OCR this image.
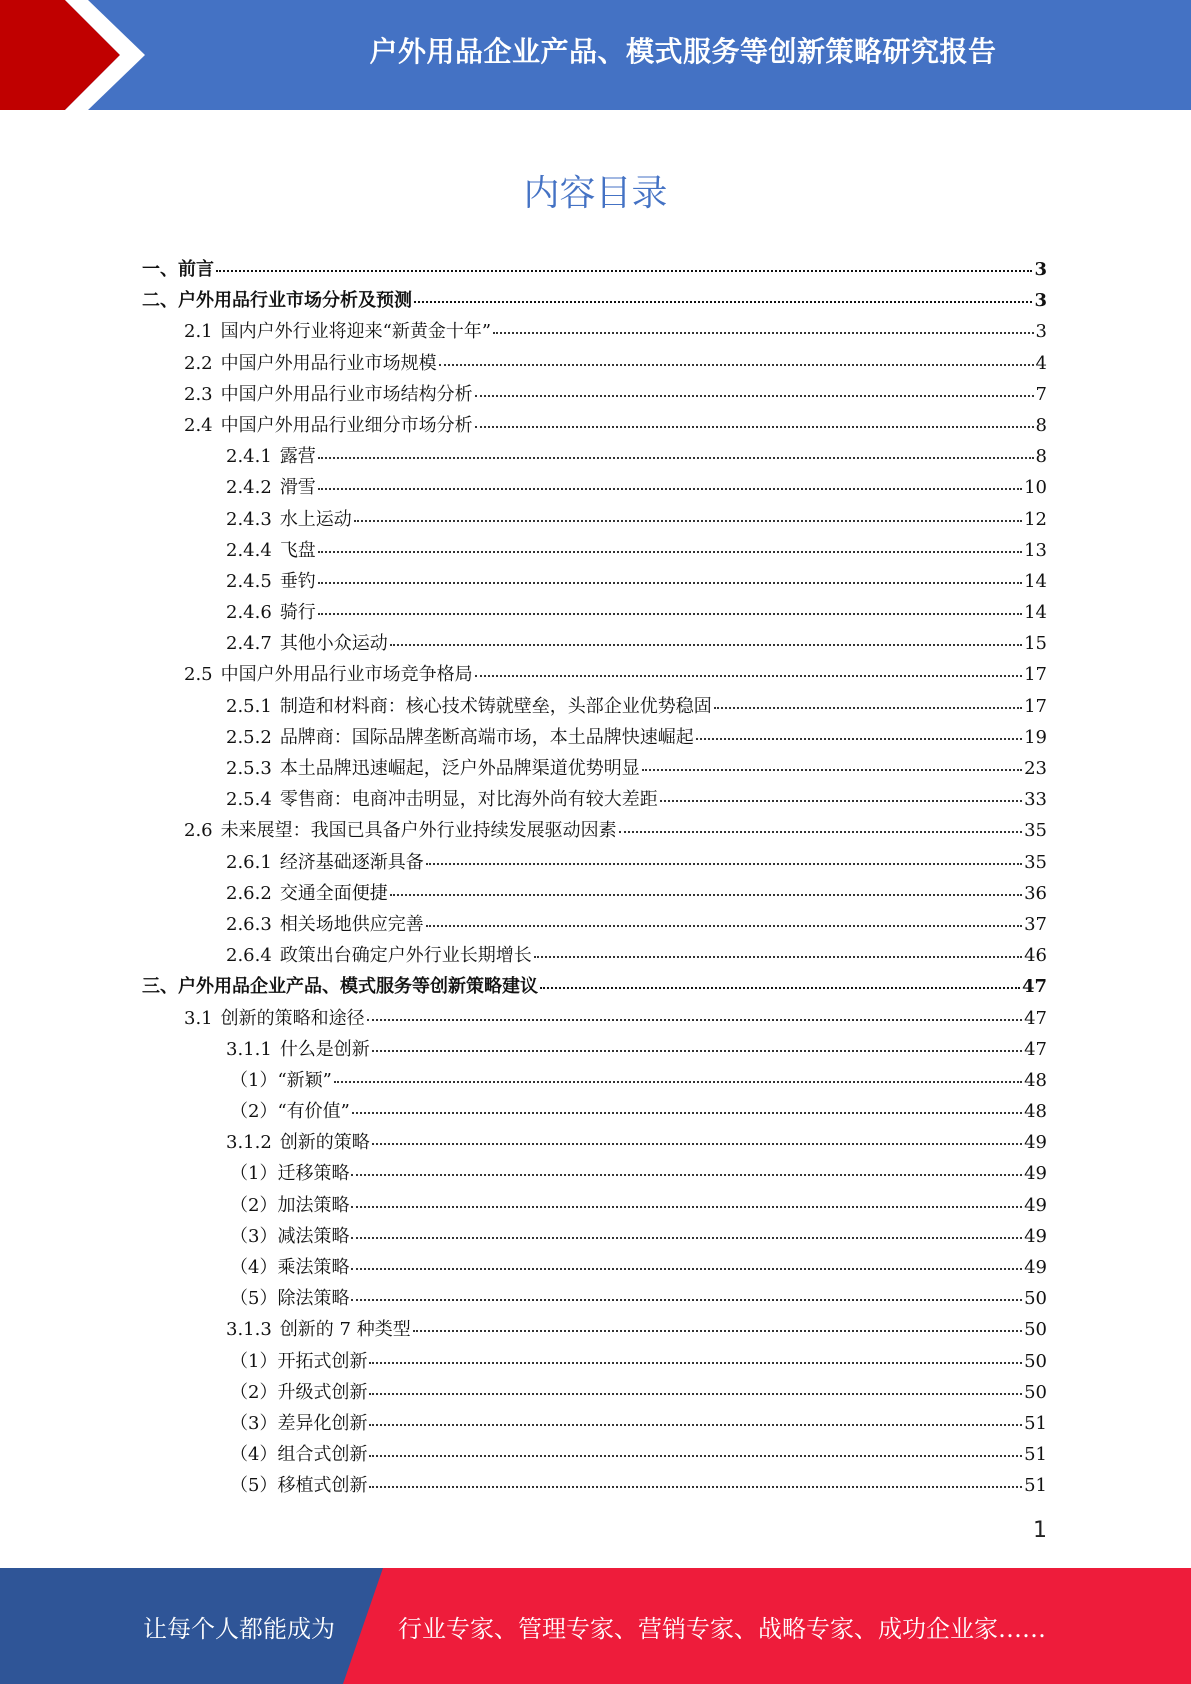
户外用品企业产品、模式服务等创新策略研究报告
内容目录
一、前言	3
二、户外用品行业市场分析及预测	3
2.1 国内户外行业将迎来“新黄金十年”	3
2.2 中国户外用品行业市场规模	4
2.3 中国户外用品行业市场结构分析	7
2.4 中国户外用品行业细分市场分析	8
2.4.1 露营	8
2.4.2 滑雪	10
2.4.3 水上运动	12
2.4.4 飞盘	13
2.4.5 垂钓	14
2.4.6 骑行	14
2.4.7 其他小众运动	15
2.5 中国户外用品行业市场竞争格局	17
2.5.1 制造和材料商：核心技术铸就壁垒，头部企业优势稳固	17
2.5.2 品牌商：国际品牌垄断高端市场，本土品牌快速崛起	19
2.5.3 本土品牌迅速崛起，泛户外品牌渠道优势明显	23
2.5.4 零售商：电商冲击明显，对比海外尚有较大差距	33
2.6 未来展望：我国已具备户外行业持续发展驱动因素	35
2.6.1 经济基础逐渐具备	35
2.6.2 交通全面便捷	36
2.6.3 相关场地供应完善	37
2.6.4 政策出台确定户外行业长期增长	46
三、户外用品企业产品、模式服务等创新策略建议	47
3.1 创新的策略和途径	47
3.1.1 什么是创新	47
（1） “新颖”	48
（2） “有价值”	48
3.1.2 创新的策略	49
（1） 迁移策略	49
（2） 加法策略	49
（3） 减法策略	49
（4） 乘法策略	49
（5） 除法策略	50
3.1.3 创新的 7 种类型	50
（1） 开拓式创新	50
（2） 升级式创新	50
（3） 差异化创新	51
（4） 组合式创新	51
（5） 移植式创新	51
1
让每个人都能成为	行业专家、管理专家、营销专家、战略专家、成功企业家……
